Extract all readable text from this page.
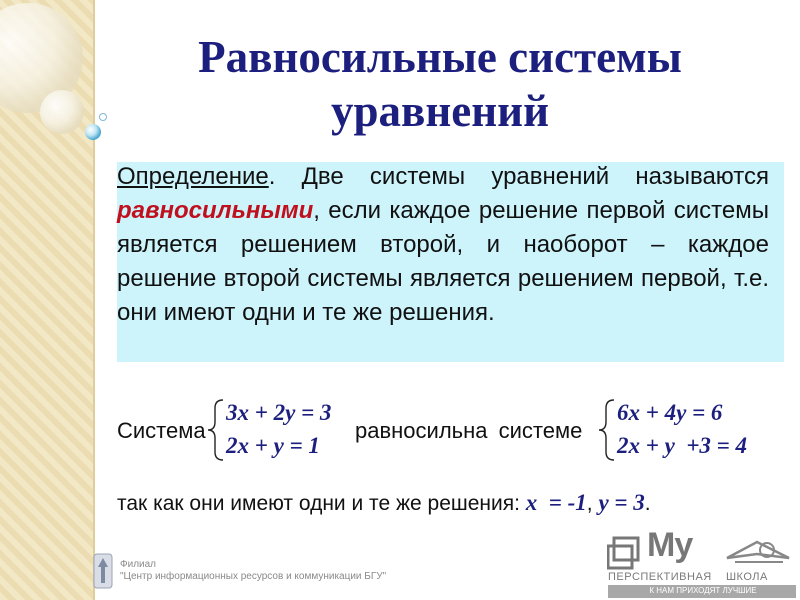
Равносильные системы
уравнений
Определение. Две системы уравнений называются равносильными, если каждое решение первой системы является решением второй, и наоборот – каждое решение второй системы является решением первой, т.е. они имеют одни и те же решения.
Система
3x + 2y = 3
2x + y = 1
равносильна системе
6x + 4y = 6
2x + y  +3 = 4
так как они имеют одни и те же решения: x  = -1, y = 3.
Филиал
"Центр информационных ресурсов и коммуникации БГУ"
My
ПЕРСПЕКТИВНАЯ    ШКОЛА
К НАМ ПРИХОДЯТ ЛУЧШИЕ
